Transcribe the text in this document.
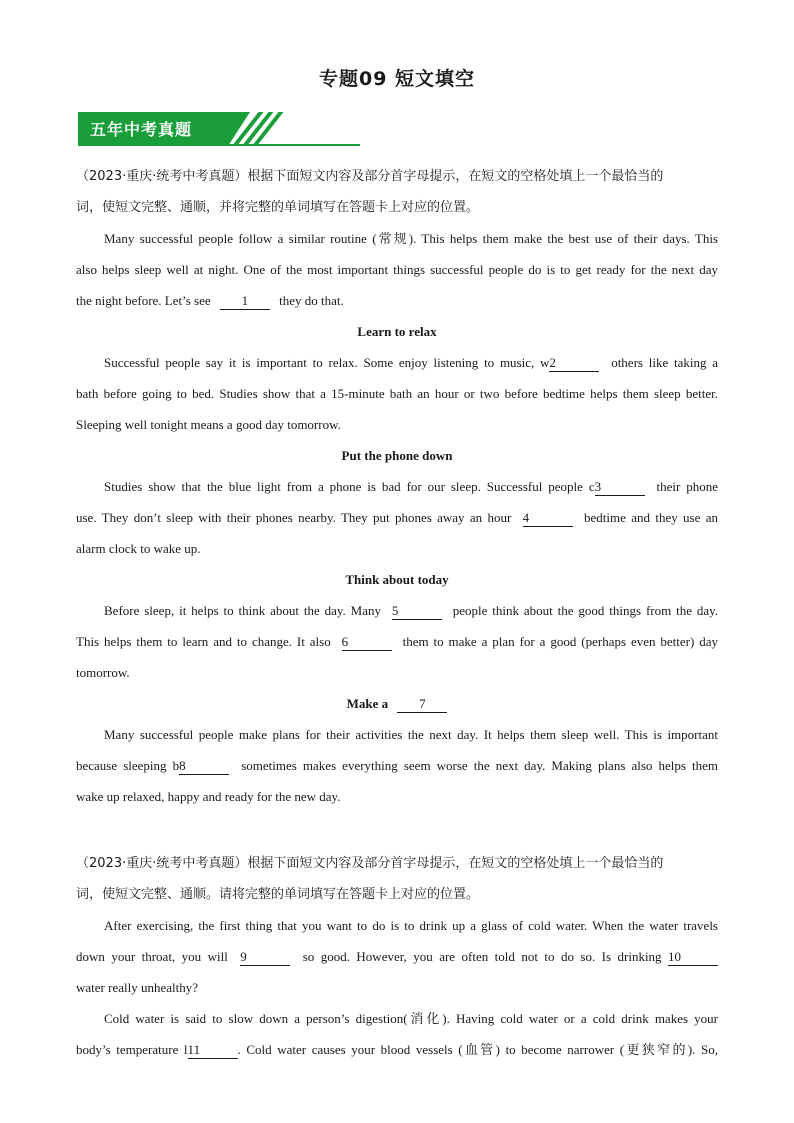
专题09 短文填空
五年中考真题
（2023·重庆·统考中考真题）根据下面短文内容及部分首字母提示，在短文的空格处填上一个最恰当的
词，使短文完整、通顺，并将完整的单词填写在答题卡上对应的位置。
Many successful people follow a similar routine (常规). This helps them make the best use of their days. This
also helps sleep well at night. One of the most important things successful people do is to get ready for the next day
the night before. Let’s see 1 they do that.
Learn to relax
Successful people say it is important to relax. Some enjoy listening to music, w2	others like taking a
bath before going to bed. Studies show that a 15-minute bath an hour or two before bedtime helps them sleep better.
Sleeping well tonight means a good day tomorrow.
Put the phone down
Studies show that the blue light from a phone is bad for our sleep. Successful people c3	their phone
use. They don’t sleep with their phones nearby. They put phones away an hour 4	bedtime and they use an
alarm clock to wake up.
Think about today
Before sleep, it helps to think about the day. Many 5	people think about the good things from the day.
This helps them to learn and to change. It also 6	them to make a plan for a good (perhaps even better) day
tomorrow.
Make a 7
Many successful people make plans for their activities the next day. It helps them sleep well. This is important
because sleeping b8	sometimes makes everything seem worse the next day. Making plans also helps them
wake up relaxed, happy and ready for the new day.
（2023·重庆·统考中考真题）根据下面短文内容及部分首字母提示，在短文的空格处填上一个最恰当的
词，使短文完整、通顺。请将完整的单词填写在答题卡上对应的位置。
After exercising, the first thing that you want to do is to drink up a glass of cold water. When the water travels
down your throat, you will 9	so good. However, you are often told not to do so. Is drinking 10
water really unhealthy?
Cold water is said to slow down a person’s digestion(消化). Having cold water or a cold drink makes your
body’s temperature l11	. Cold water causes your blood vessels (血管) to become narrower (更狭窄的). So,
